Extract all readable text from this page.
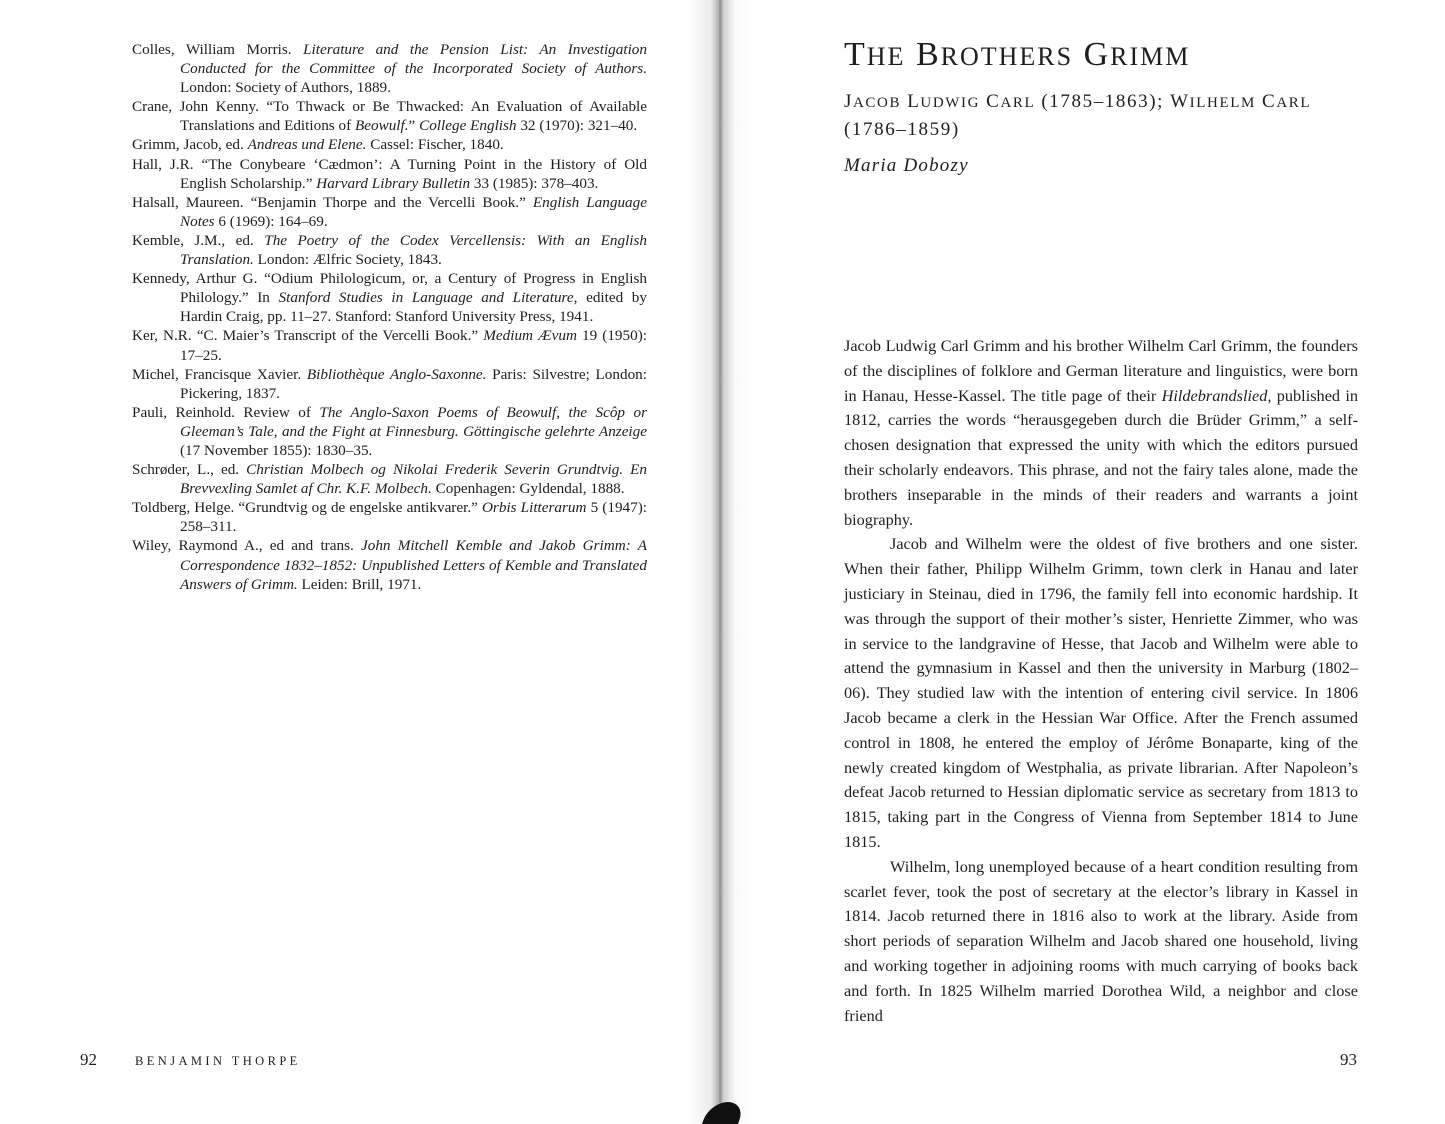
Colles, William Morris. Literature and the Pension List: An Investigation Conducted for the Committee of the Incorporated Society of Authors. London: Society of Authors, 1889.

Crane, John Kenny. “To Thwack or Be Thwacked: An Evaluation of Available Translations and Editions of Beowulf.” College English 32 (1970): 321–40.

Grimm, Jacob, ed. Andreas und Elene. Cassel: Fischer, 1840.

Hall, J.R. “The Conybeare ‘Cædmon’: A Turning Point in the History of Old English Scholarship.” Harvard Library Bulletin 33 (1985): 378–403.

Halsall, Maureen. “Benjamin Thorpe and the Vercelli Book.” English Language Notes 6 (1969): 164–69.

Kemble, J.M., ed. The Poetry of the Codex Vercellensis: With an English Translation. London: Ælfric Society, 1843.

Kennedy, Arthur G. “Odium Philologicum, or, a Century of Progress in English Philology.” In Stanford Studies in Language and Literature, edited by Hardin Craig, pp. 11–27. Stanford: Stanford University Press, 1941.

Ker, N.R. “C. Maier’s Transcript of the Vercelli Book.” Medium Ævum 19 (1950): 17–25.

Michel, Francisque Xavier. Bibliothèque Anglo-Saxonne. Paris: Silvestre; London: Pickering, 1837.

Pauli, Reinhold. Review of The Anglo-Saxon Poems of Beowulf, the Scôp or Gleeman’s Tale, and the Fight at Finnesburg. Göttingische gelehrte Anzeige (17 November 1855): 1830–35.

Schrøder, L., ed. Christian Molbech og Nikolai Frederik Severin Grundtvig. En Brevvexling Samlet af Chr. K.F. Molbech. Copenhagen: Gyldendal, 1888.

Toldberg, Helge. “Grundtvig og de engelske antikvarer.” Orbis Litterarum 5 (1947): 258–311.

Wiley, Raymond A., ed and trans. John Mitchell Kemble and Jakob Grimm: A Correspondence 1832–1852: Unpublished Letters of Kemble and Translated Answers of Grimm. Leiden: Brill, 1971.

92	BENJAMIN THORPE
THE BROTHERS GRIMM

JACOB LUDWIG CARL (1785–1863); WILHELM CARL (1786–1859)

Maria Dobozy

Jacob Ludwig Carl Grimm and his brother Wilhelm Carl Grimm, the founders of the disciplines of folklore and German literature and linguistics, were born in Hanau, Hesse-Kassel. The title page of their Hildebrandslied, published in 1812, carries the words “herausgegeben durch die Brüder Grimm,” a self-chosen designation that expressed the unity with which the editors pursued their scholarly endeavors. This phrase, and not the fairy tales alone, made the brothers inseparable in the minds of their readers and warrants a joint biography.

Jacob and Wilhelm were the oldest of five brothers and one sister. When their father, Philipp Wilhelm Grimm, town clerk in Hanau and later justiciary in Steinau, died in 1796, the family fell into economic hardship. It was through the support of their mother’s sister, Henriette Zimmer, who was in service to the landgravine of Hesse, that Jacob and Wilhelm were able to attend the gymnasium in Kassel and then the university in Marburg (1802–06). They studied law with the intention of entering civil service. In 1806 Jacob became a clerk in the Hessian War Office. After the French assumed control in 1808, he entered the employ of Jérôme Bonaparte, king of the newly created kingdom of Westphalia, as private librarian. After Napoleon’s defeat Jacob returned to Hessian diplomatic service as secretary from 1813 to 1815, taking part in the Congress of Vienna from September 1814 to June 1815.

Wilhelm, long unemployed because of a heart condition resulting from scarlet fever, took the post of secretary at the elector’s library in Kassel in 1814. Jacob returned there in 1816 also to work at the library. Aside from short periods of separation Wilhelm and Jacob shared one household, living and working together in adjoining rooms with much carrying of books back and forth. In 1825 Wilhelm married Dorothea Wild, a neighbor and close friend

93
